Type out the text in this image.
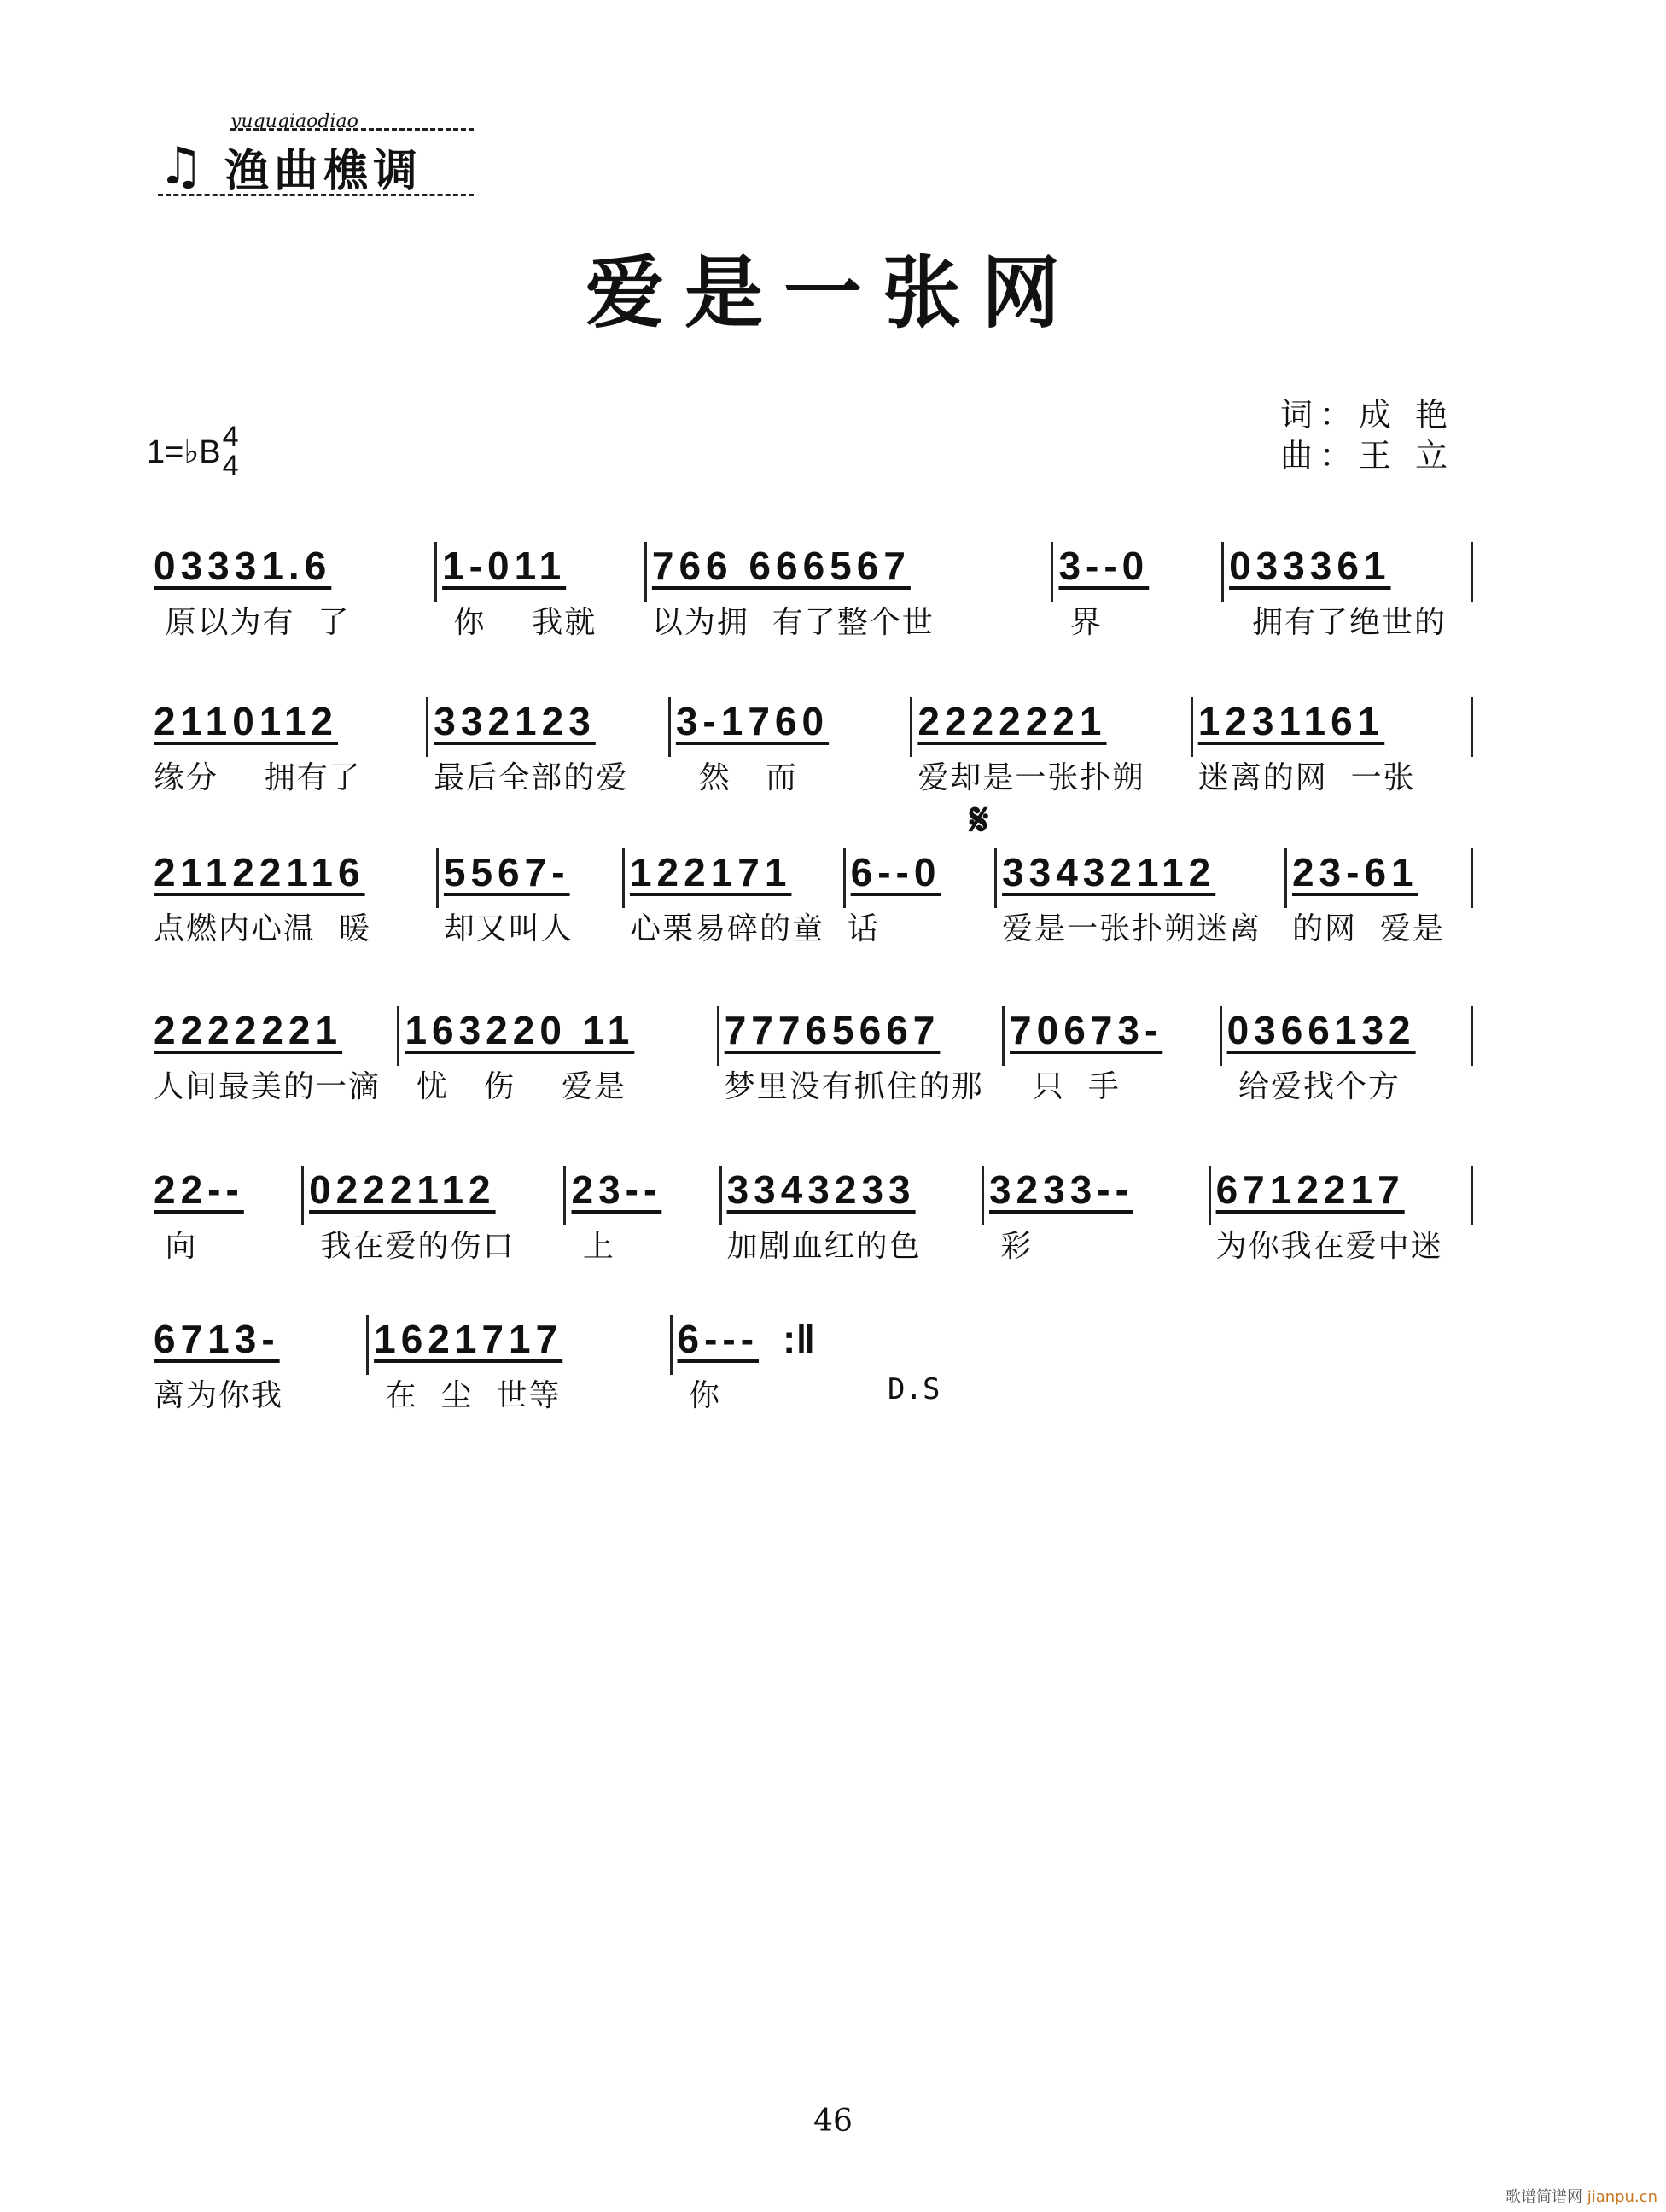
♫
yuquqiaodiao
渔曲樵调
爱是一张网
1=♭B 4
4
词：成 艳
曲：王 立
03331.6
原以为有  了
1-011
你    我就
766 666567
以为拥  有了整个世
3--0
界
033361
拥有了绝世的
2110112
缘分    拥有了
332123
最后全部的爱
3-1760
然   而
2222221
爱却是一张扑朔
1231161
迷离的网  一张
21122116
点燃内心温  暖
5567-
却又叫人
122171
心栗易碎的童  话
6--0 33432112
爱是一张扑朔迷离
23-61
的网  爱是
2222221
人间最美的一滴
163220 11
忧   伤    爱是
77765667
梦里没有抓住的那
70673-
只  手
0366132
给爱找个方
22--
向
0222112
我在爱的伤口
23--
上
3343233
加剧血红的色
3233--
彩
6712217
为你我在爱中迷
6713-
离为你我
1621717
在  尘  世等
6--- :‖
你
𝄋
D.S
46
歌谱简谱网 jianpu.cn
